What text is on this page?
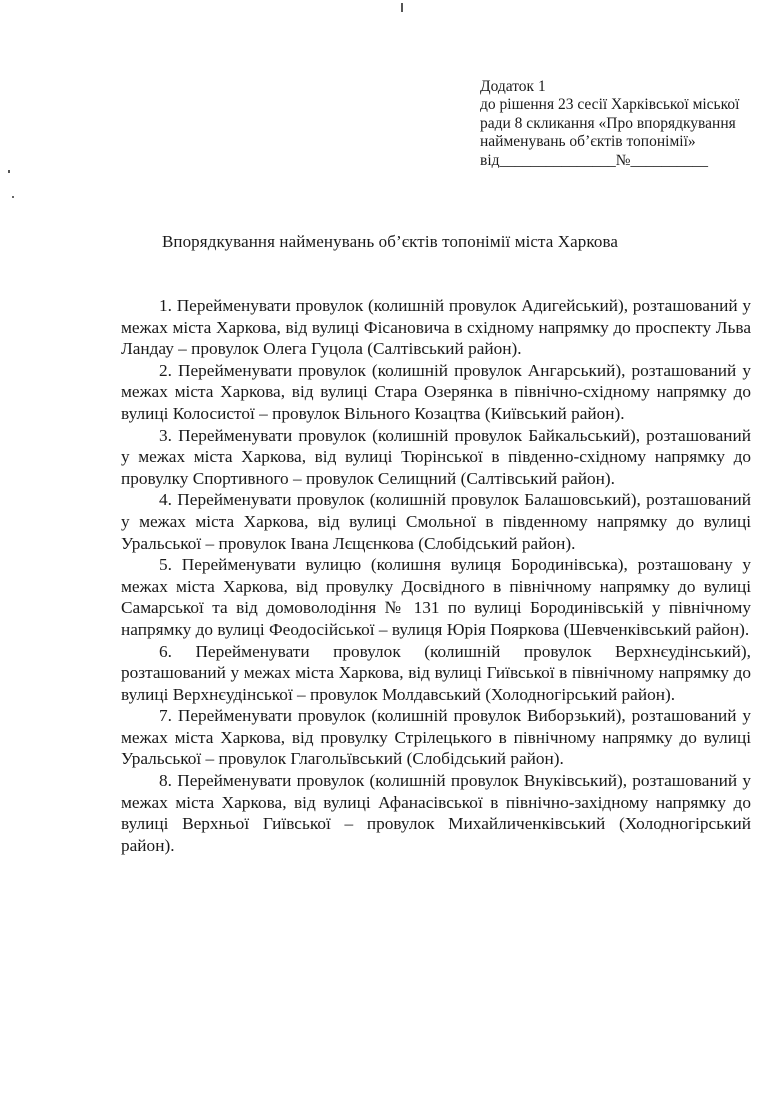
Додаток 1
до рішення 23 сесії Харківської міської
ради 8 скликання «Про впорядкування
найменувань об’єктів топонімії»
від_______________№__________
Впорядкування найменувань об’єктів топонімії міста Харкова

1. Перейменувати провулок (колишній провулок Адигейський), розташований у межах міста Харкова, від вулиці Фісановича в східному напрямку до проспекту Льва Ландау – провулок Олега Гуцола (Салтівський район).

2. Перейменувати провулок (колишній провулок Ангарський), розташований у межах міста Харкова, від вулиці Стара Озерянка в північно-східному напрямку до вулиці Колосистої – провулок Вільного Козацтва (Київський район).

3. Перейменувати провулок (колишній провулок Байкальський), розташований у межах міста Харкова, від вулиці Тюрінської в південно-східному напрямку до провулку Спортивного – провулок Селищний (Салтівський район).

4. Перейменувати провулок (колишній провулок Балашовський), розташований у межах міста Харкова, від вулиці Смольної в південному напрямку до вулиці Уральської – провулок Івана Лєщєнкова (Слобідський район).

5. Перейменувати вулицю (колишня вулиця Бородинівська), розташовану у межах міста Харкова, від провулку Досвідного в північному напрямку до вулиці Самарської та від домоволодіння № 131 по вулиці Бородинівській у північному напрямку до вулиці Феодосійської – вулиця Юрія Пояркова (Шевченківський район).

6. Перейменувати провулок (колишній провулок Верхнєудінський), розташований у межах міста Харкова, від вулиці Гиївської в північному напрямку до вулиці Верхнєудінської – провулок Молдавський (Холодногірський район).

7. Перейменувати провулок (колишній провулок Виборзький), розташований у межах міста Харкова, від провулку Стрілецького в північному напрямку до вулиці Уральської – провулок Глагольївський (Слобідський район).

8. Перейменувати провулок (колишній провулок Внуківський), розташований у межах міста Харкова, від вулиці Афанасівської в північно-західному напрямку до вулиці Верхньої Гиївської – провулок Михайличенківський (Холодногірський район).
